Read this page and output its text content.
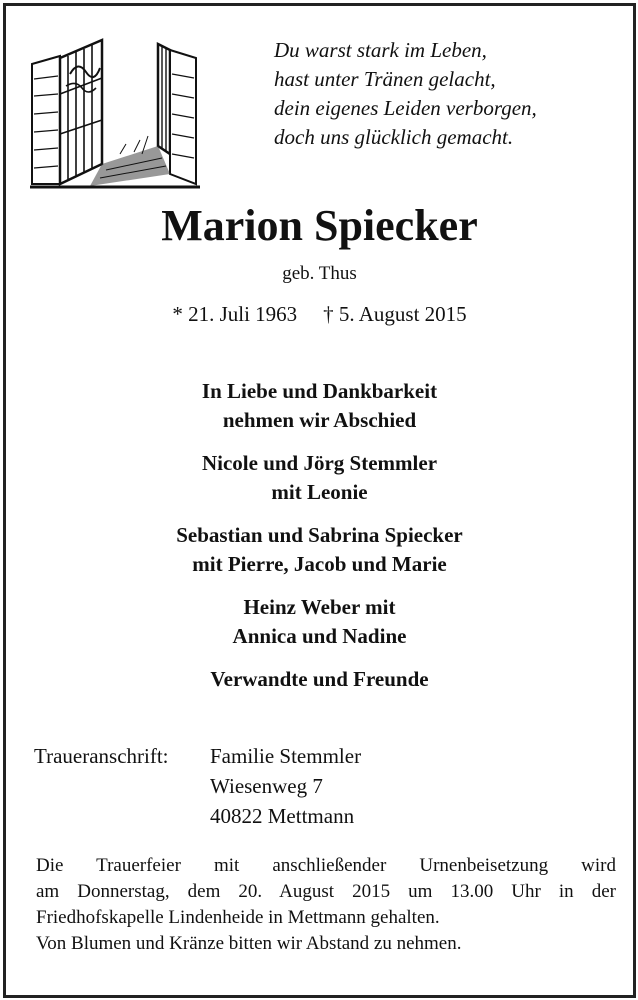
Du warst stark im Leben,
hast unter Tränen gelacht,
dein eigenes Leiden verborgen,
doch uns glücklich gemacht.
Marion Spiecker
geb. Thus
* 21. Juli 1963 † 5. August 2015
In Liebe und Dankbarkeit
nehmen wir Abschied
Nicole und Jörg Stemmler
mit Leonie
Sebastian und Sabrina Spiecker
mit Pierre, Jacob und Marie
Heinz Weber mit
Annica und Nadine
Verwandte und Freunde
Traueranschrift:	Familie Stemmler
Wiesenweg 7
40822 Mettmann
Die Trauerfeier mit anschließender Urnenbeisetzung wird
am Donnerstag, dem 20. August 2015 um 13.00 Uhr in der
Friedhofskapelle Lindenheide in Mettmann gehalten.
Von Blumen und Kränze bitten wir Abstand zu nehmen.
